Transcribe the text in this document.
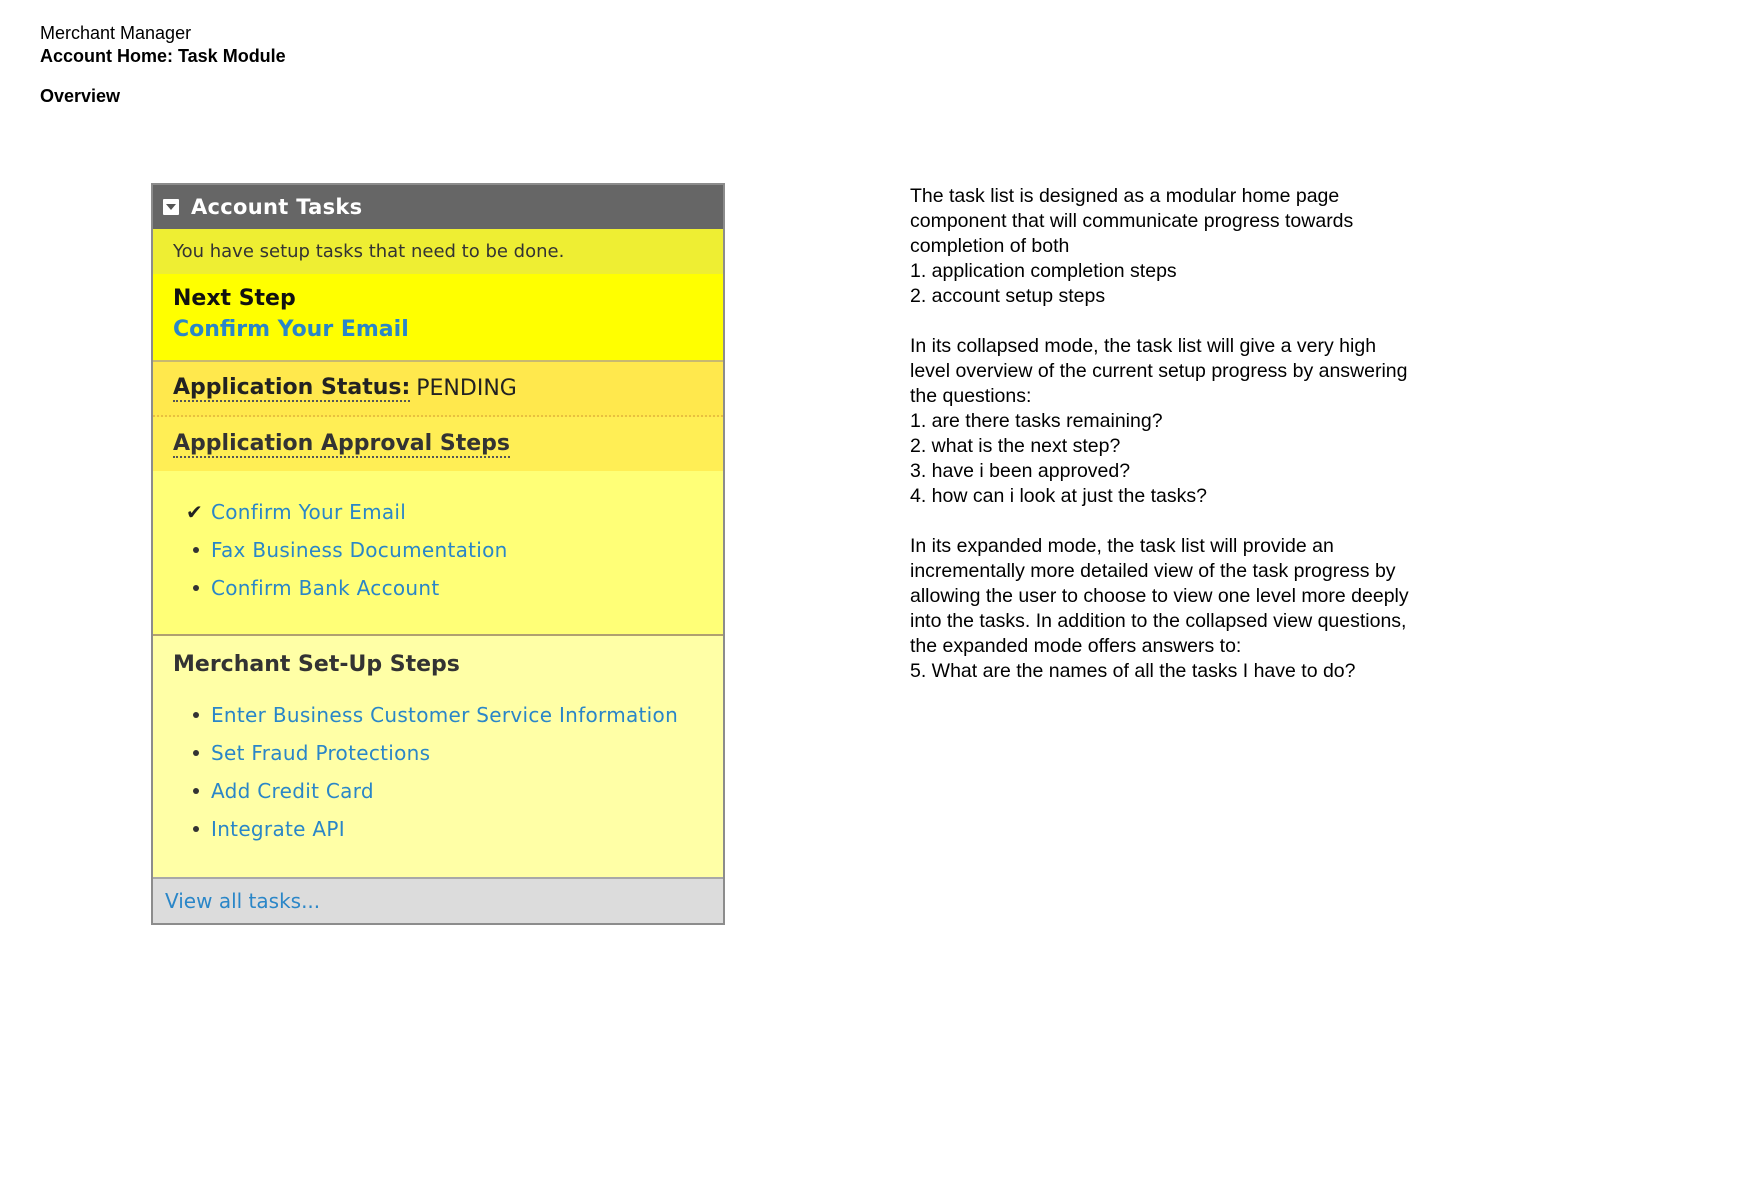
Merchant Manager
Account Home: Task Module
Overview
Account Tasks
You have setup tasks that need to be done.
Next Step
Confirm Your Email
Application Status: PENDING
Application Approval Steps
✔ Confirm Your Email
Fax Business Documentation
Confirm Bank Account
Merchant Set-Up Steps
Enter Business Customer Service Information
Set Fraud Protections
Add Credit Card
Integrate API
View all tasks...

The task list is designed as a modular home page
component that will communicate progress towards
completion of both
1. application completion steps
2. account setup steps

In its collapsed mode, the task list will give a very high
level overview of the current setup progress by answering
the questions:
1. are there tasks remaining?
2. what is the next step?
3. have i been approved?
4. how can i look at just the tasks?

In its expanded mode, the task list will provide an
incrementally more detailed view of the task progress by
allowing the user to choose to view one level more deeply
into the tasks. In addition to the collapsed view questions,
the expanded mode offers answers to:
5. What are the names of all the tasks I have to do?
